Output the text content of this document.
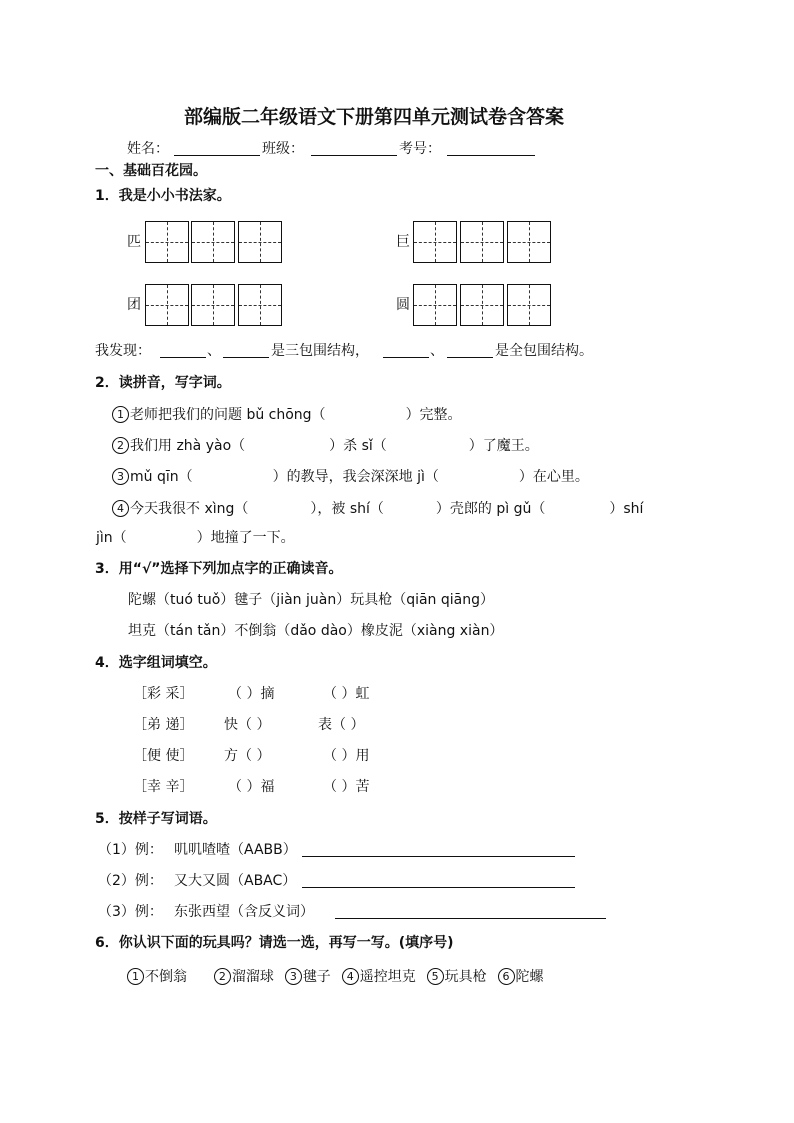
部编版二年级语文下册第四单元测试卷含答案
姓名：	班级：	考号：
一、基础百花园。
1．我是小小书法家。
匹	巨
团	圆
我发现：	、	是三包围结构，	、	是全包围结构。
2．读拼音，写字词。
1 老师把我们的问题 bǔ chōng（	）完整。
2 我们用 zhà yào（	）杀 sǐ（	）了魔王。
3 mǔ qīn（	）的教导，我会深深地 jì（	）在心里。
4 今天我很不 xìng（	），被 shí（	）壳郎的 pì gǔ（	）shí
jìn（	）地撞了一下。
3．用“√”选择下列加点字的正确读音。
陀螺（tuó tuǒ）毽子（jiàn juàn）玩具枪（qiān qiāng）
坦克（tán tǎn）不倒翁（dǎo dào）橡皮泥（xiàng xiàn）
4．选字组词填空。
［彩 采］ （ ）摘	（ ）虹
［弟 递］ 快（ ）	表（ ）
［便 使］ 方（ ）	（ ）用
［幸 辛］ （ ）福	（ ）苦
5．按样子写词语。
（1）例： 叽叽喳喳（AABB）
（2）例： 又大又圆（ABAC）
（3）例： 东张西望（含反义词）
6．你认识下面的玩具吗？请选一选，再写一写。(填序号)
1 不倒翁	2 溜溜球 3 毽子 4 遥控坦克 5 玩具枪 6 陀螺
